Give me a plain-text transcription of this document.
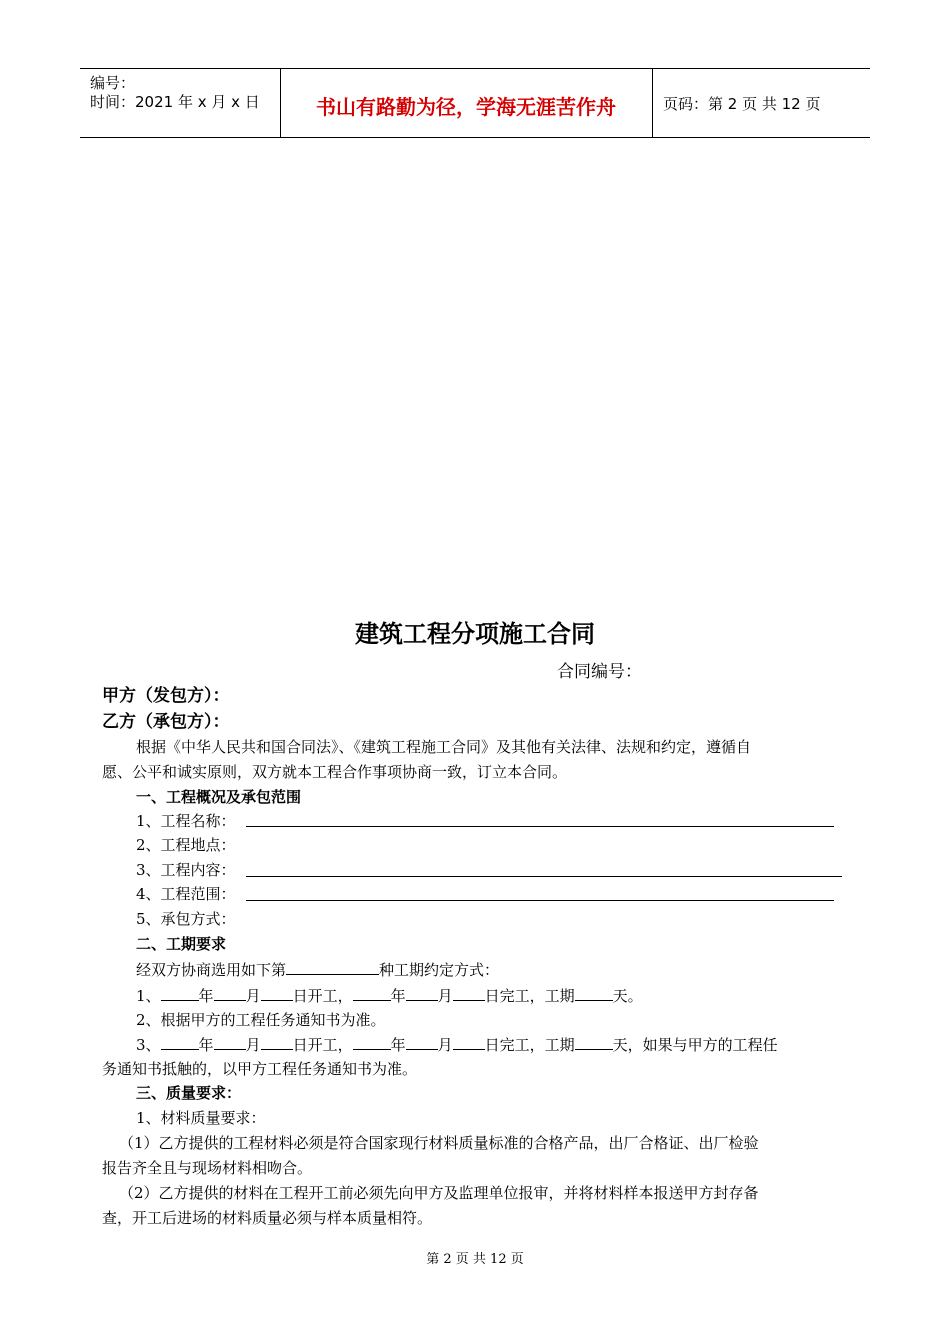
编号：
时间：2021 年 x 月 x 日	书山有路勤为径，学海无涯苦作舟	页码：第 2 页 共 12 页
建筑工程分项施工合同
合同编号：
甲方（发包方）：
乙方（承包方）：
根据《中华人民共和国合同法》、《建筑工程施工合同》及其他有关法律、法规和约定，遵循自
愿、公平和诚实原则，双方就本工程合作事项协商一致，订立本合同。
一、工程概况及承包范围
1、工程名称：
2、工程地点：
3、工程内容：
4、工程范围：
5、承包方式：
二、工期要求
经双方协商选用如下第	种工期约定方式：
1、	年 月 日开工，	年 月 日完工，工期	天。
2、根据甲方的工程任务通知书为准。
3、	年 月 日开工，	年 月 日完工，工期	天，如果与甲方的工程任
务通知书抵触的，以甲方工程任务通知书为准。
三、质量要求：
1、材料质量要求：
（1）乙方提供的工程材料必须是符合国家现行材料质量标准的合格产品，出厂合格证、出厂检验
报告齐全且与现场材料相吻合。
（2）乙方提供的材料在工程开工前必须先向甲方及监理单位报审，并将材料样本报送甲方封存备
查，开工后进场的材料质量必须与样本质量相符。
第 2 页 共 12 页
